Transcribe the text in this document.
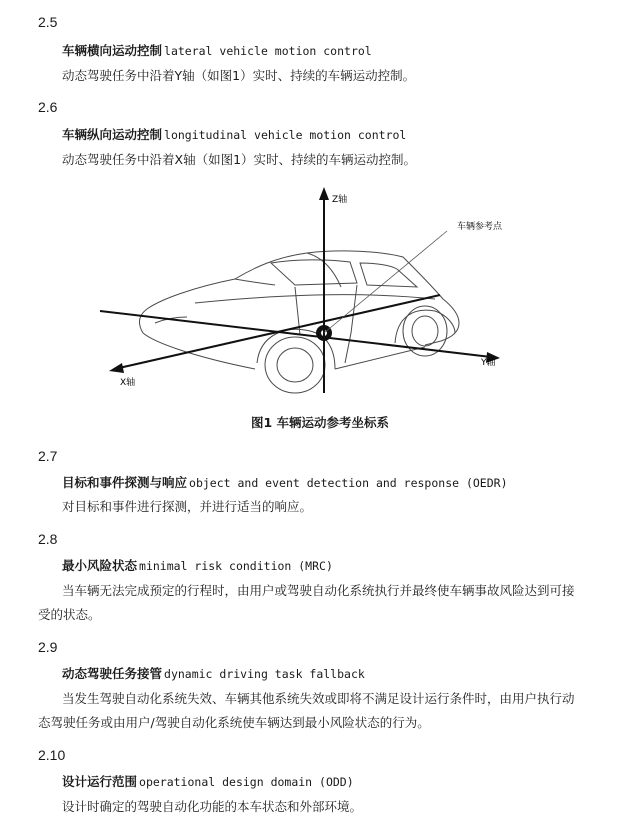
2.5
车辆横向运动控制 lateral vehicle motion control
动态驾驶任务中沿着Y轴（如图1）实时、持续的车辆运动控制。
2.6
车辆纵向运动控制 longitudinal vehicle motion control
动态驾驶任务中沿着X轴（如图1）实时、持续的车辆运动控制。
Z轴
车辆参考点
Y轴
X轴
图1 车辆运动参考坐标系
2.7
目标和事件探测与响应 object and event detection and response (OEDR)
对目标和事件进行探测，并进行适当的响应。
2.8
最小风险状态 minimal risk condition (MRC)
当车辆无法完成预定的行程时，由用户或驾驶自动化系统执行并最终使车辆事故风险达到可接
受的状态。
2.9
动态驾驶任务接管 dynamic driving task fallback
当发生驾驶自动化系统失效、车辆其他系统失效或即将不满足设计运行条件时，由用户执行动
态驾驶任务或由用户/驾驶自动化系统使车辆达到最小风险状态的行为。
2.10
设计运行范围 operational design domain (ODD)
设计时确定的驾驶自动化功能的本车状态和外部环境。
